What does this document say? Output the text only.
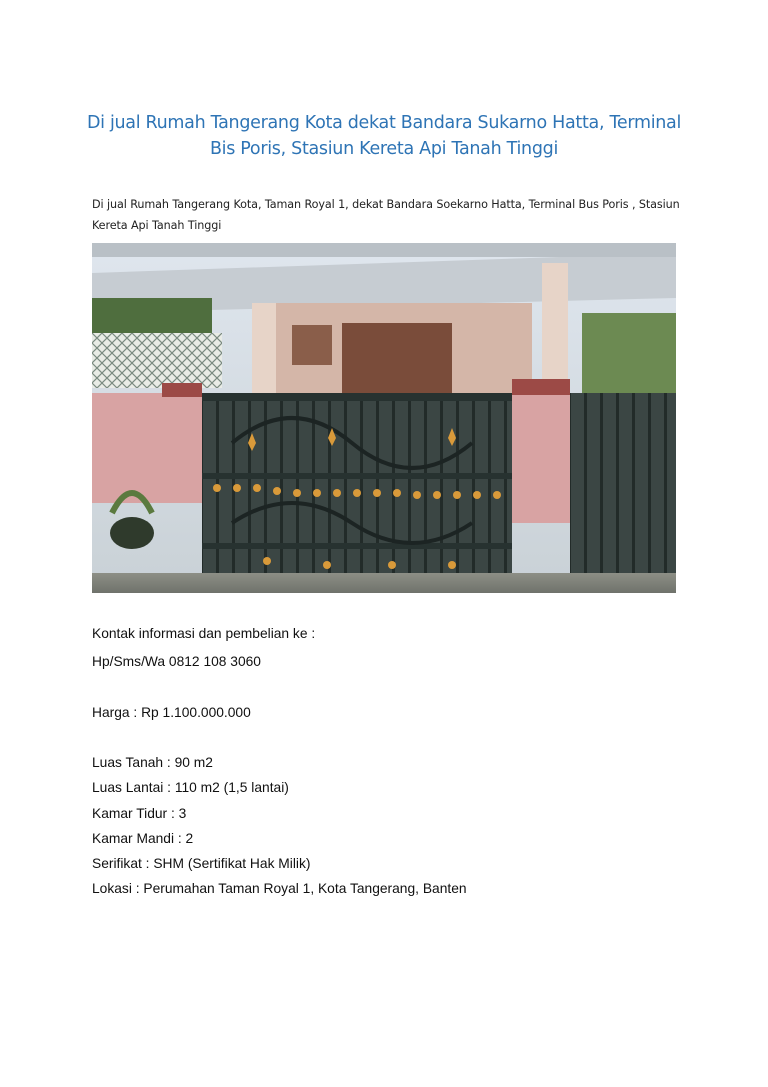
Di jual Rumah Tangerang Kota dekat Bandara Sukarno Hatta, Terminal Bis Poris, Stasiun Kereta Api Tanah Tinggi
Di jual Rumah Tangerang Kota, Taman Royal 1, dekat Bandara Soekarno Hatta, Terminal Bus Poris , Stasiun Kereta Api Tanah Tinggi
Kontak informasi dan pembelian ke :
Hp/Sms/Wa 0812 108 3060
Harga : Rp 1.100.000.000
Luas Tanah : 90 m2
Luas Lantai : 110 m2 (1,5 lantai)
Kamar Tidur : 3
Kamar Mandi : 2
Serifikat : SHM (Sertifikat Hak Milik)
Lokasi : Perumahan Taman Royal 1, Kota Tangerang, Banten
